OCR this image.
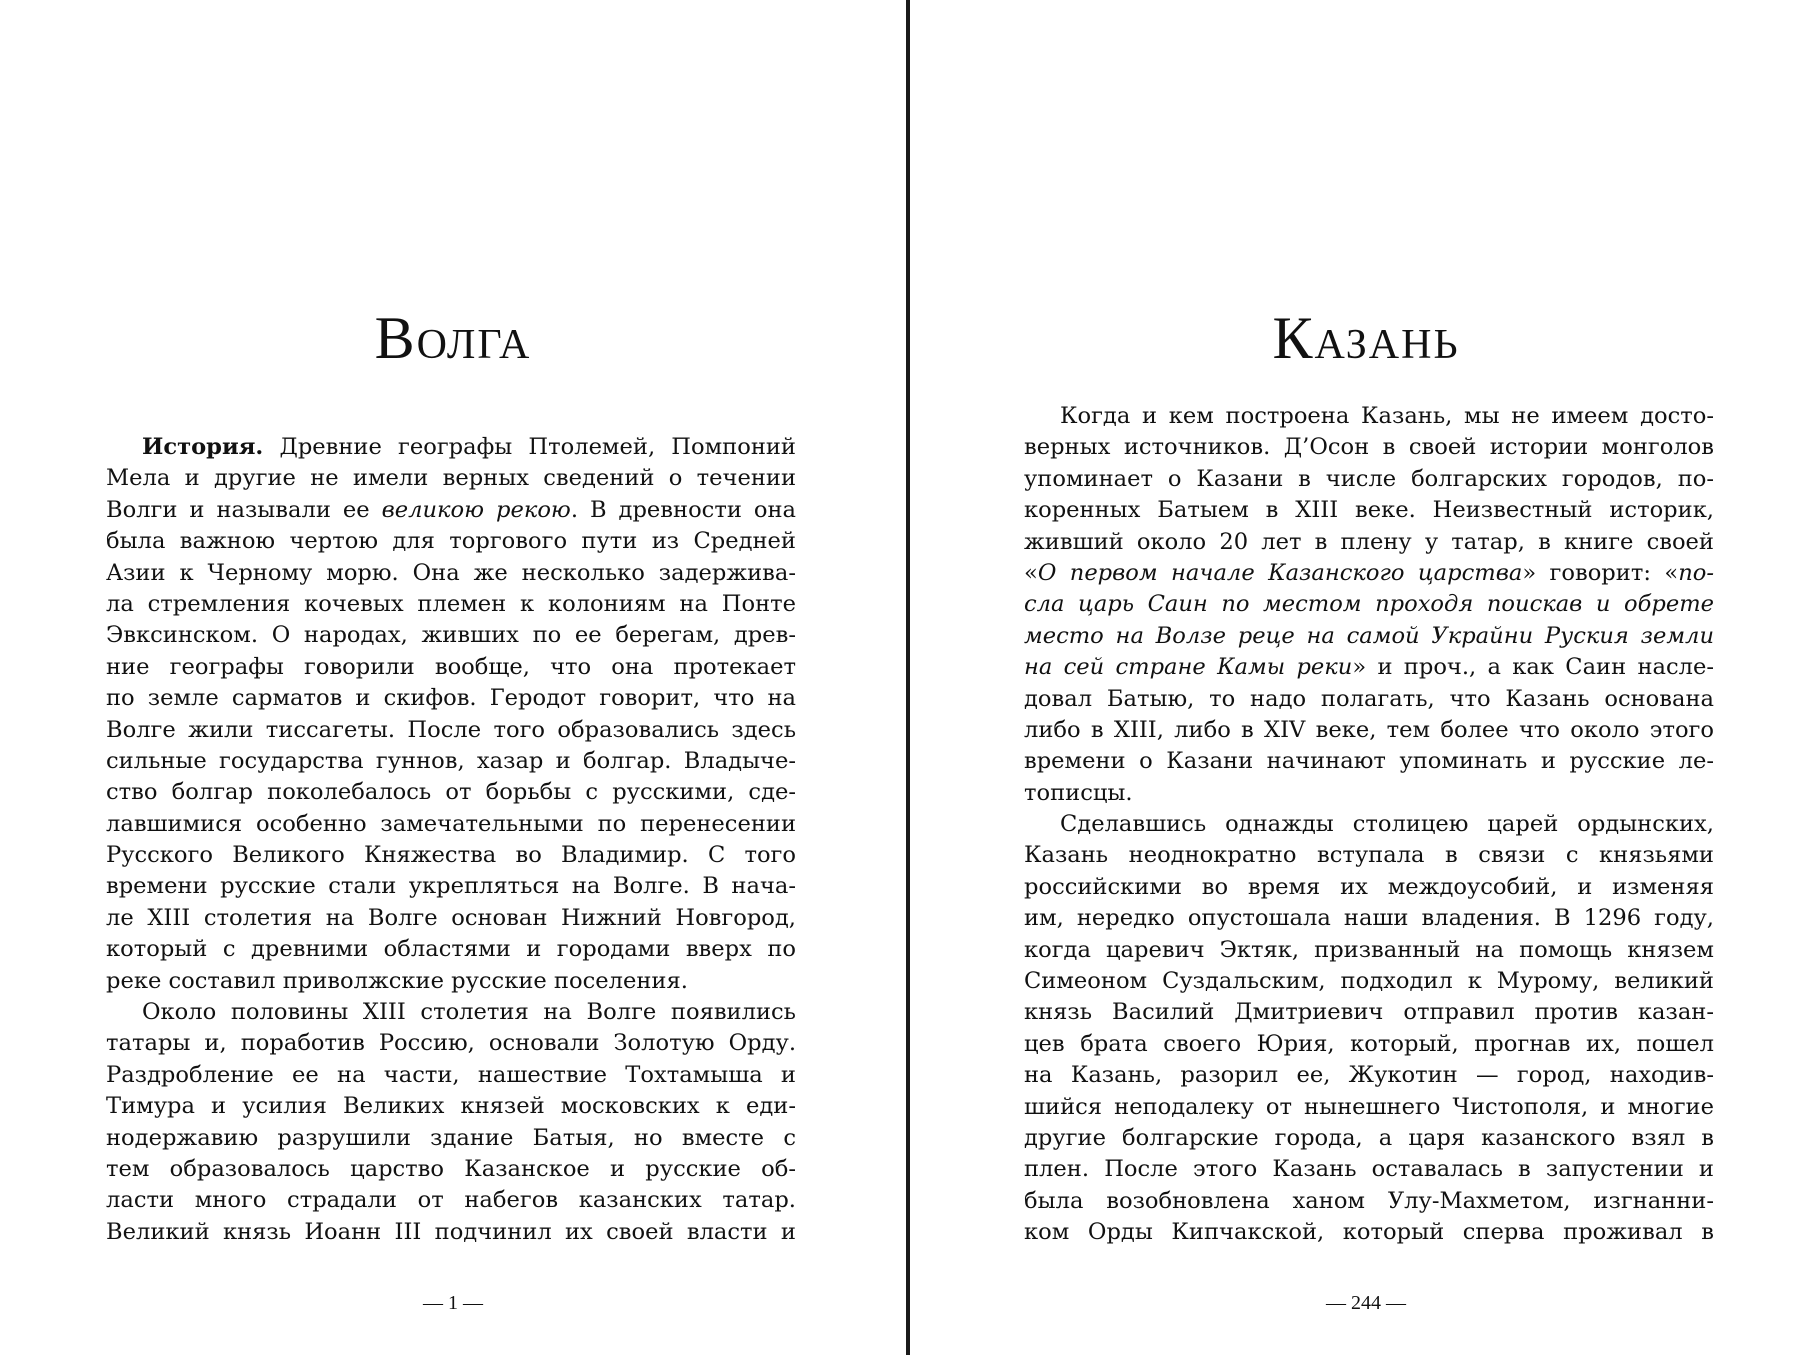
Волга
История. Древние географы Птолемей, Помпоний
Мела и другие не имели верных сведений о течении
Волги и называли ее великою рекою. В древности она
была важною чертою для торгового пути из Средней
Азии к Черному морю. Она же несколько задержива-
ла стремления кочевых племен к колониям на Понте
Эвксинском. О народах, живших по ее берегам, древ-
ние географы говорили вообще, что она протекает
по земле сарматов и скифов. Геродот говорит, что на
Волге жили тиссагеты. После того образовались здесь
сильные государства гуннов, хазар и болгар. Владыче-
ство болгар поколебалось от борьбы с русскими, сде-
лавшимися особенно замечательными по перенесении
Русского Великого Княжества во Владимир. С того
времени русские стали укрепляться на Волге. В нача-
ле XIII столетия на Волге основан Нижний Новгород,
который с древними областями и городами вверх по
реке составил приволжские русские поселения.
Около половины XIII столетия на Волге появились
татары и, поработив Россию, основали Золотую Орду.
Раздробление ее на части, нашествие Тохтамыша и
Тимура и усилия Великих князей московских к еди-
нодержавию разрушили здание Батыя, но вместе с
тем образовалось царство Казанское и русские об-
ласти много страдали от набегов казанских татар.
Великий князь Иоанн III подчинил их своей власти и
— 1 —
Казань
Когда и кем построена Казань, мы не имеем досто-
верных источников. Д’Осон в своей истории монголов
упоминает о Казани в числе болгарских городов, по-
коренных Батыем в XIII веке. Неизвестный историк,
живший около 20 лет в плену у татар, в книге своей
«О первом начале Казанского царства» говорит: «по-
сла царь Саин по местом проходя поискав и обрете
место на Волзе реце на самой Украйни Руския земли
на сей стране Камы реки» и проч., а как Саин насле-
довал Батыю, то надо полагать, что Казань основана
либо в XIII, либо в XIV веке, тем более что около этого
времени о Казани начинают упоминать и русские ле-
тописцы.
Сделавшись однажды столицею царей ордынских,
Казань неоднократно вступала в связи с князьями
российскими во время их междоусобий, и изменяя
им, нередко опустошала наши владения. В 1296 году,
когда царевич Эктяк, призванный на помощь князем
Симеоном Суздальским, подходил к Мурому, великий
князь Василий Дмитриевич отправил против казан-
цев брата своего Юрия, который, прогнав их, пошел
на Казань, разорил ее, Жукотин — город, находив-
шийся неподалеку от нынешнего Чистополя, и многие
другие болгарские города, а царя казанского взял в
плен. После этого Казань оставалась в запустении и
была возобновлена ханом Улу-Махметом, изгнанни-
ком Орды Кипчакской, который сперва проживал в
— 244 —
